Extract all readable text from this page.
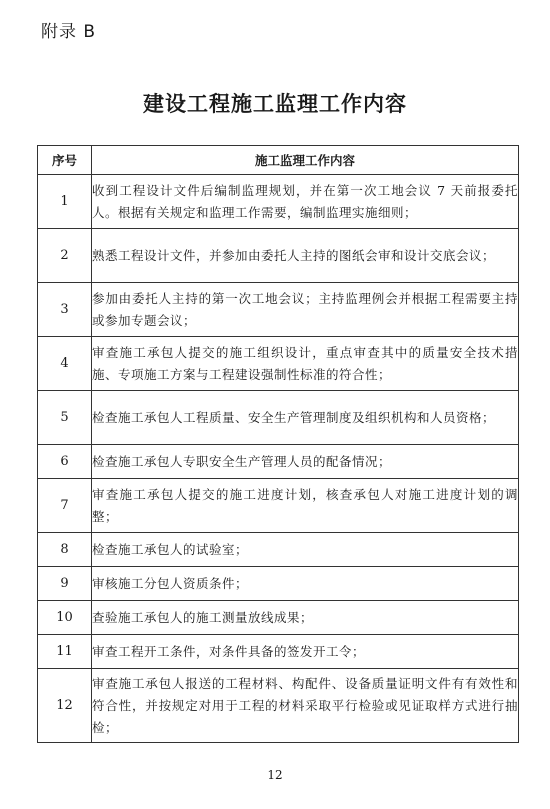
附录 B
建设工程施工监理工作内容
序号	施工监理工作内容
1	收到工程设计文件后编制监理规划，并在第一次工地会议 7 天前报委托人。根据有关规定和监理工作需要，编制监理实施细则；
2	熟悉工程设计文件，并参加由委托人主持的图纸会审和设计交底会议；
3	参加由委托人主持的第一次工地会议；主持监理例会并根据工程需要主持或参加专题会议；
4	审查施工承包人提交的施工组织设计，重点审查其中的质量安全技术措施、专项施工方案与工程建设强制性标准的符合性；
5	检查施工承包人工程质量、安全生产管理制度及组织机构和人员资格；
6	检查施工承包人专职安全生产管理人员的配备情况；
7	审查施工承包人提交的施工进度计划，核查承包人对施工进度计划的调整；
8	检查施工承包人的试验室；
9	审核施工分包人资质条件；
10	查验施工承包人的施工测量放线成果；
11	审查工程开工条件，对条件具备的签发开工令；
12	审查施工承包人报送的工程材料、构配件、设备质量证明文件有有效性和符合性，并按规定对用于工程的材料采取平行检验或见证取样方式进行抽检；
12
